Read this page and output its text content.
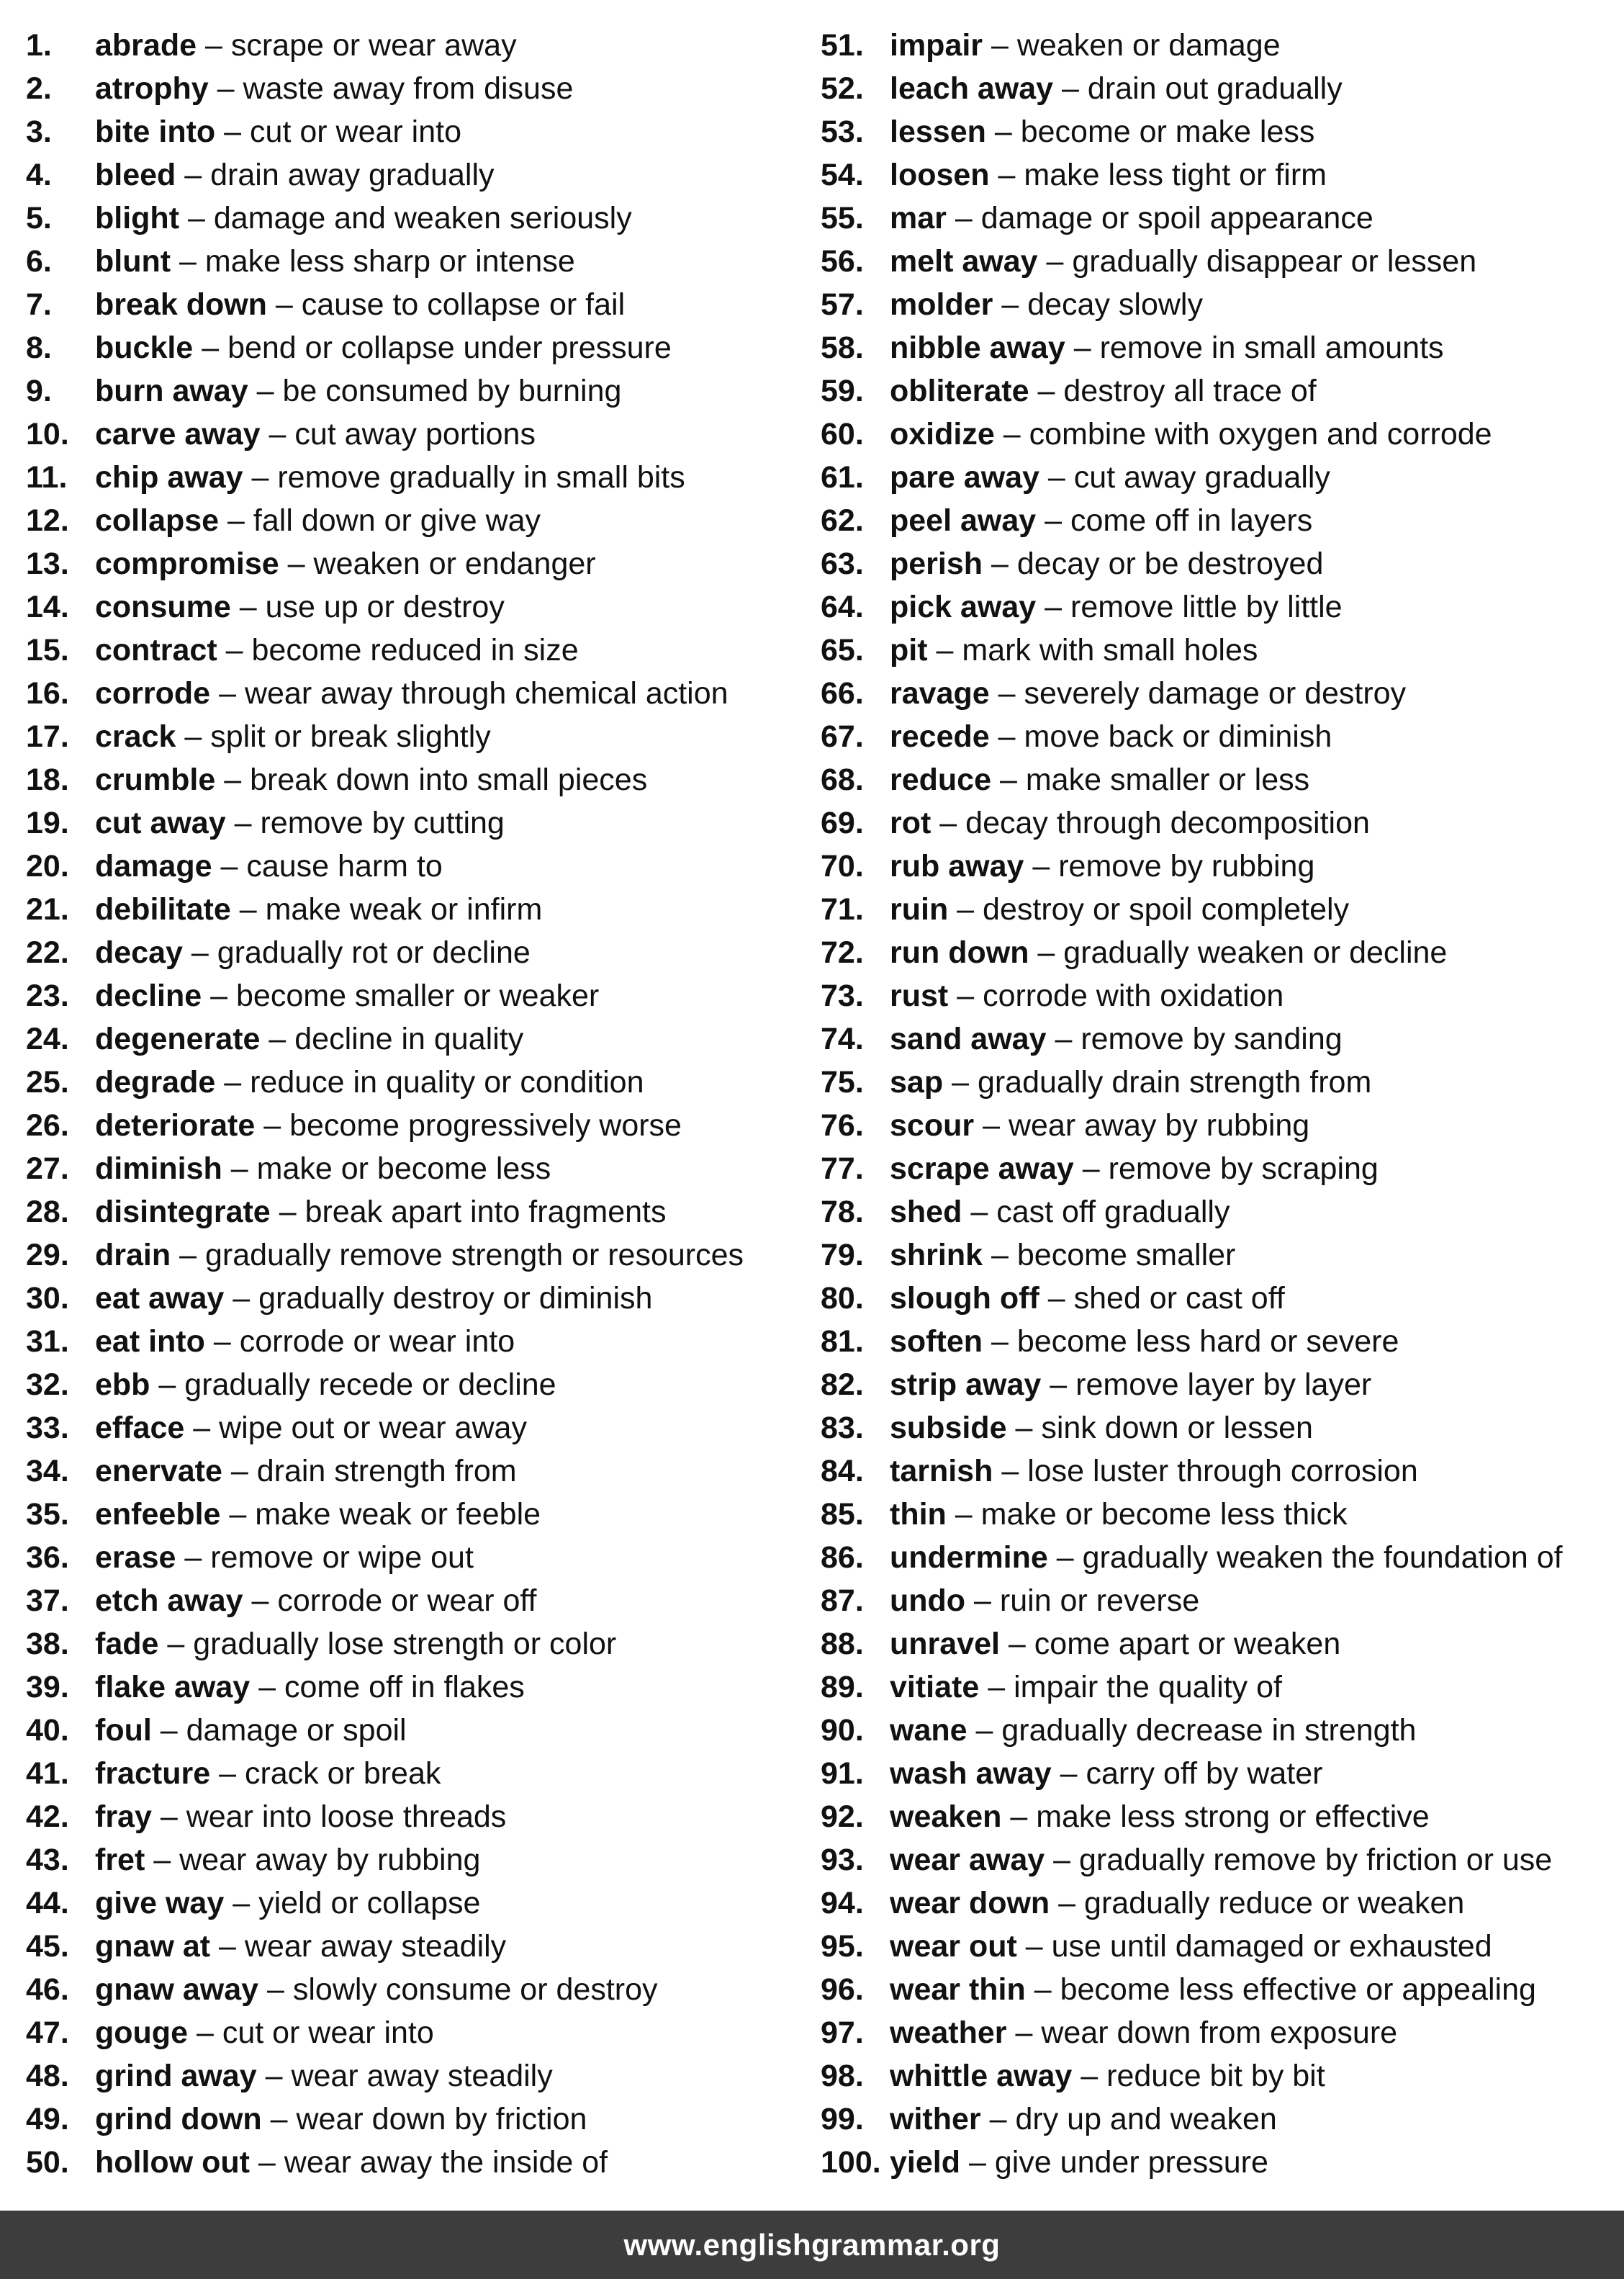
1. abrade – scrape or wear away
2. atrophy – waste away from disuse
3. bite into – cut or wear into
4. bleed – drain away gradually
5. blight – damage and weaken seriously
6. blunt – make less sharp or intense
7. break down – cause to collapse or fail
8. buckle – bend or collapse under pressure
9. burn away – be consumed by burning
10. carve away – cut away portions
11. chip away – remove gradually in small bits
12. collapse – fall down or give way
13. compromise – weaken or endanger
14. consume – use up or destroy
15. contract – become reduced in size
16. corrode – wear away through chemical action
17. crack – split or break slightly
18. crumble – break down into small pieces
19. cut away – remove by cutting
20. damage – cause harm to
21. debilitate – make weak or infirm
22. decay – gradually rot or decline
23. decline – become smaller or weaker
24. degenerate – decline in quality
25. degrade – reduce in quality or condition
26. deteriorate – become progressively worse
27. diminish – make or become less
28. disintegrate – break apart into fragments
29. drain – gradually remove strength or resources
30. eat away – gradually destroy or diminish
31. eat into – corrode or wear into
32. ebb – gradually recede or decline
33. efface – wipe out or wear away
34. enervate – drain strength from
35. enfeeble – make weak or feeble
36. erase – remove or wipe out
37. etch away – corrode or wear off
38. fade – gradually lose strength or color
39. flake away – come off in flakes
40. foul – damage or spoil
41. fracture – crack or break
42. fray – wear into loose threads
43. fret – wear away by rubbing
44. give way – yield or collapse
45. gnaw at – wear away steadily
46. gnaw away – slowly consume or destroy
47. gouge – cut or wear into
48. grind away – wear away steadily
49. grind down – wear down by friction
50. hollow out – wear away the inside of
51. impair – weaken or damage
52. leach away – drain out gradually
53. lessen – become or make less
54. loosen – make less tight or firm
55. mar – damage or spoil appearance
56. melt away – gradually disappear or lessen
57. molder – decay slowly
58. nibble away – remove in small amounts
59. obliterate – destroy all trace of
60. oxidize – combine with oxygen and corrode
61. pare away – cut away gradually
62. peel away – come off in layers
63. perish – decay or be destroyed
64. pick away – remove little by little
65. pit – mark with small holes
66. ravage – severely damage or destroy
67. recede – move back or diminish
68. reduce – make smaller or less
69. rot – decay through decomposition
70. rub away – remove by rubbing
71. ruin – destroy or spoil completely
72. run down – gradually weaken or decline
73. rust – corrode with oxidation
74. sand away – remove by sanding
75. sap – gradually drain strength from
76. scour – wear away by rubbing
77. scrape away – remove by scraping
78. shed – cast off gradually
79. shrink – become smaller
80. slough off – shed or cast off
81. soften – become less hard or severe
82. strip away – remove layer by layer
83. subside – sink down or lessen
84. tarnish – lose luster through corrosion
85. thin – make or become less thick
86. undermine – gradually weaken the foundation of
87. undo – ruin or reverse
88. unravel – come apart or weaken
89. vitiate – impair the quality of
90. wane – gradually decrease in strength
91. wash away – carry off by water
92. weaken – make less strong or effective
93. wear away – gradually remove by friction or use
94. wear down – gradually reduce or weaken
95. wear out – use until damaged or exhausted
96. wear thin – become less effective or appealing
97. weather – wear down from exposure
98. whittle away – reduce bit by bit
99. wither – dry up and weaken
100. yield – give under pressure
www.englishgrammar.org
